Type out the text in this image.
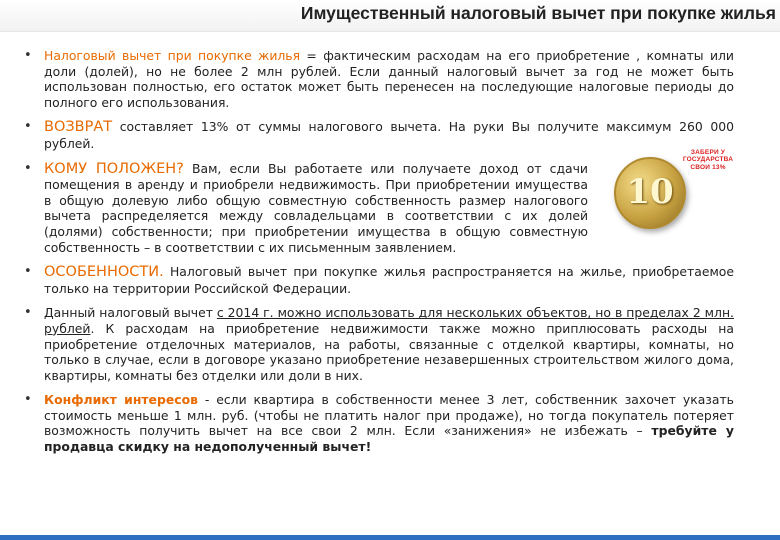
Имущественный налоговый вычет при покупке жилья
• Налоговый вычет при покупке жилья = фактическим расходам на его приобретение , комнаты или доли (долей), но не более 2 млн рублей. Если данный налоговый вычет за год не может быть использован полностью, его остаток может быть перенесен на последующие налоговые периоды до полного его использования.
• ВОЗВРАТ составляет 13% от суммы налогового вычета. На руки Вы получите максимум 260 000 рублей.
• 10
ЗАБЕРИ У ГОСУДАРСТВА СВОИ 13%
КОМУ ПОЛОЖЕН? Вам, если Вы работаете или получаете доход от сдачи помещения в аренду и приобрели недвижимость. При приобретении имущества в общую долевую либо общую совместную собственность размер налогового вычета распределяется между совладельцами в соответствии с их долей (долями) собственности; при приобретении имущества в общую совместную собственность – в соответствии с их письменным заявлением.
• ОСОБЕННОСТИ. Налоговый вычет при покупке жилья распространяется на жилье, приобретаемое только на территории Российской Федерации.
• Данный налоговый вычет с 2014 г. можно использовать для нескольких объектов, но в пределах 2 млн. рублей. К расходам на приобретение недвижимости также можно приплюсовать расходы на приобретение отделочных материалов, на работы, связанные с отделкой квартиры, комнаты, но только в случае, если в договоре указано приобретение незавершенных строительством жилого дома, квартиры, комнаты без отделки или доли в них.
• Конфликт интересов - если квартира в собственности менее 3 лет, собственник захочет указать стоимость меньше 1 млн. руб. (чтобы не платить налог при продаже), но тогда покупатель потеряет возможность получить вычет на все свои 2 млн. Если «занижения» не избежать – требуйте у продавца скидку на недополученный вычет!
